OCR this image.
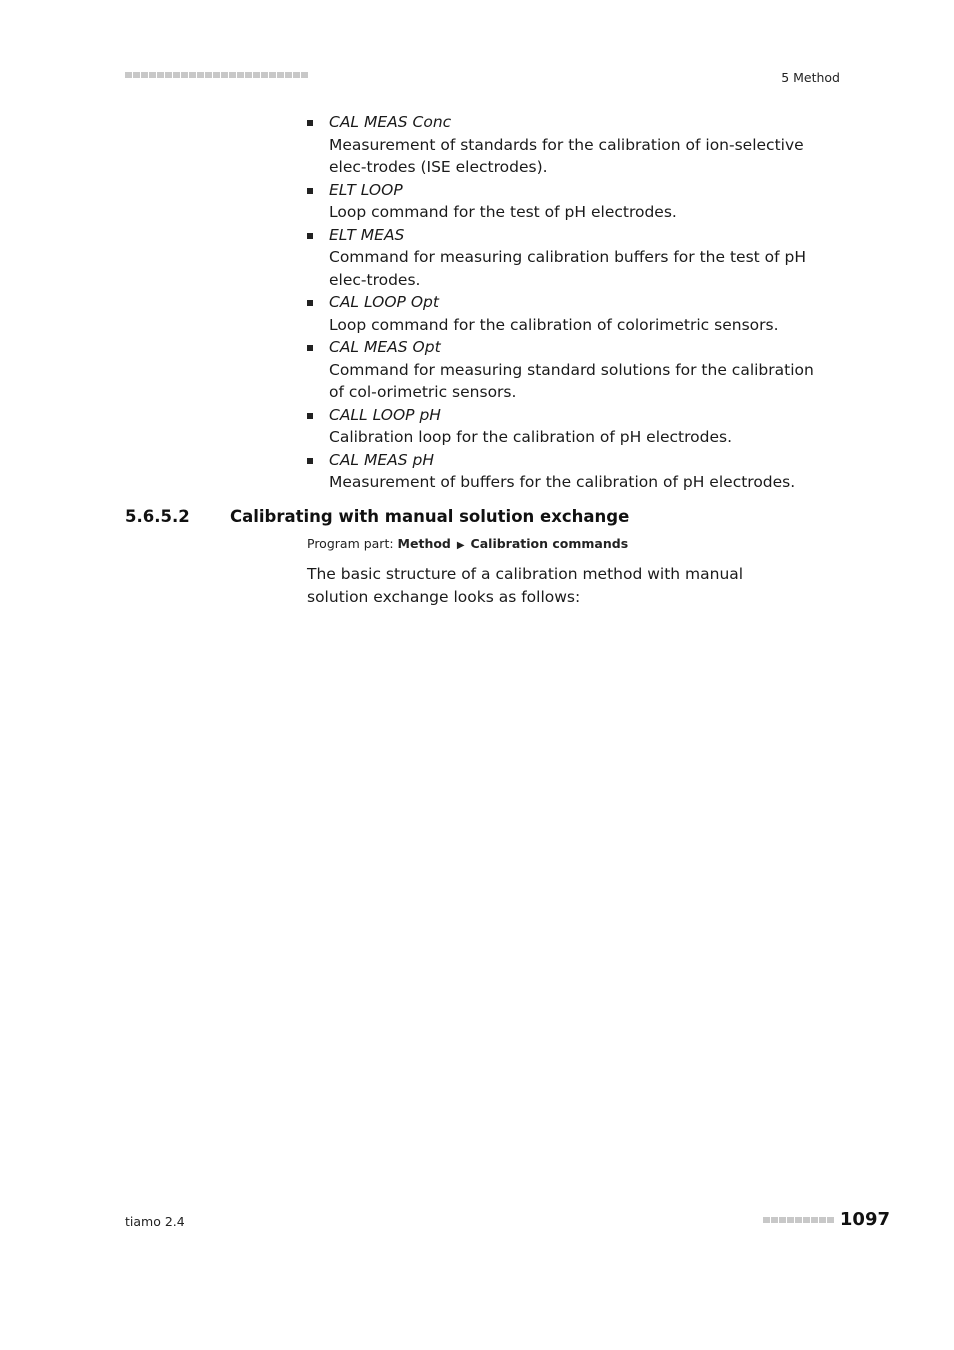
5 Method
CAL MEAS Conc
Measurement of standards for the calibration of ion-selective elec-trodes (ISE electrodes).
ELT LOOP
Loop command for the test of pH electrodes.
ELT MEAS
Command for measuring calibration buffers for the test of pH elec-trodes.
CAL LOOP Opt
Loop command for the calibration of colorimetric sensors.
CAL MEAS Opt
Command for measuring standard solutions for the calibration of col-orimetric sensors.
CALL LOOP pH
Calibration loop for the calibration of pH electrodes.
CAL MEAS pH
Measurement of buffers for the calibration of pH electrodes.
5.6.5.2 Calibrating with manual solution exchange
Program part: Method ▶ Calibration commands

The basic structure of a calibration method with manual solution exchange looks as follows:

tiamo 2.4	1097
